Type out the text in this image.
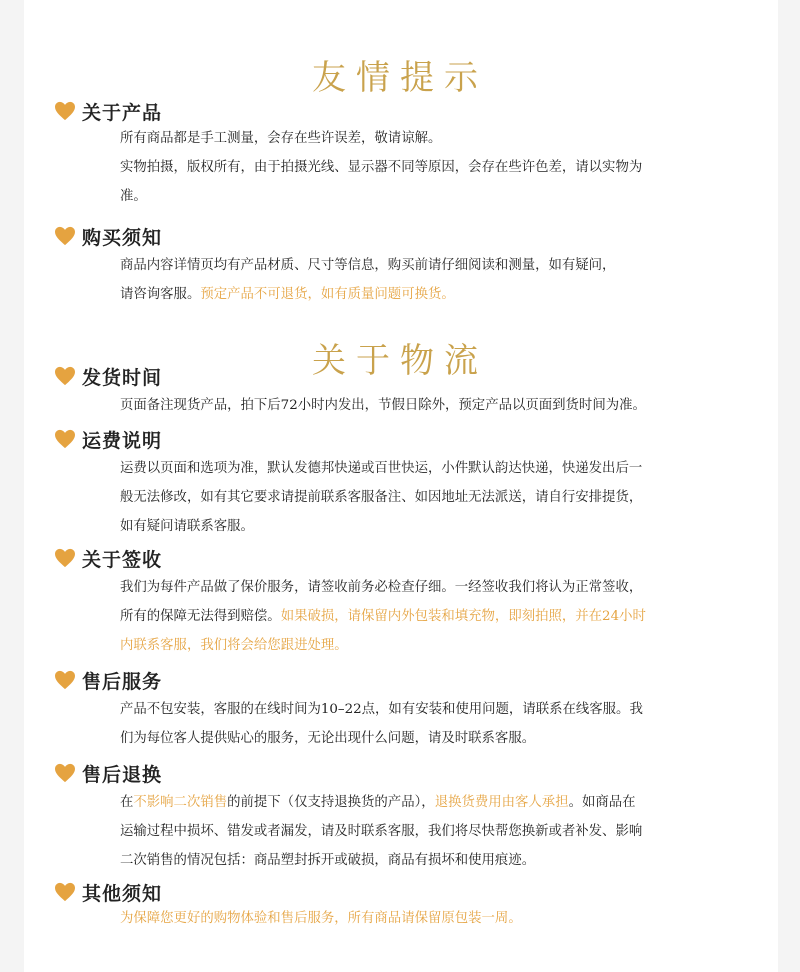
友情提示
关于产品
所有商品都是手工测量，会存在些许误差，敬请谅解。
实物拍摄，版权所有，由于拍摄光线、显示器不同等原因，会存在些许色差，请以实物为
准。
购买须知
商品内容详情页均有产品材质、尺寸等信息，购买前请仔细阅读和测量，如有疑问，
请咨询客服。预定产品不可退货，如有质量问题可换货。
关于物流
发货时间
页面备注现货产品，拍下后72小时内发出，节假日除外，预定产品以页面到货时间为准。
运费说明
运费以页面和选项为准，默认发德邦快递或百世快运，小件默认韵达快递，快递发出后一
般无法修改，如有其它要求请提前联系客服备注、如因地址无法派送，请自行安排提货，
如有疑问请联系客服。
关于签收
我们为每件产品做了保价服务，请签收前务必检查仔细。一经签收我们将认为正常签收，
所有的保障无法得到赔偿。如果破损，请保留内外包装和填充物，即刻拍照，并在24小时
内联系客服，我们将会给您跟进处理。
售后服务
产品不包安装，客服的在线时间为10–22点，如有安装和使用问题，请联系在线客服。我
们为每位客人提供贴心的服务，无论出现什么问题，请及时联系客服。
售后退换
在不影响二次销售的前提下（仅支持退换货的产品），退换货费用由客人承担。如商品在
运输过程中损坏、错发或者漏发，请及时联系客服，我们将尽快帮您换新或者补发、影响
二次销售的情况包括：商品塑封拆开或破损，商品有损坏和使用痕迹。
其他须知
为保障您更好的购物体验和售后服务，所有商品请保留原包装一周。
